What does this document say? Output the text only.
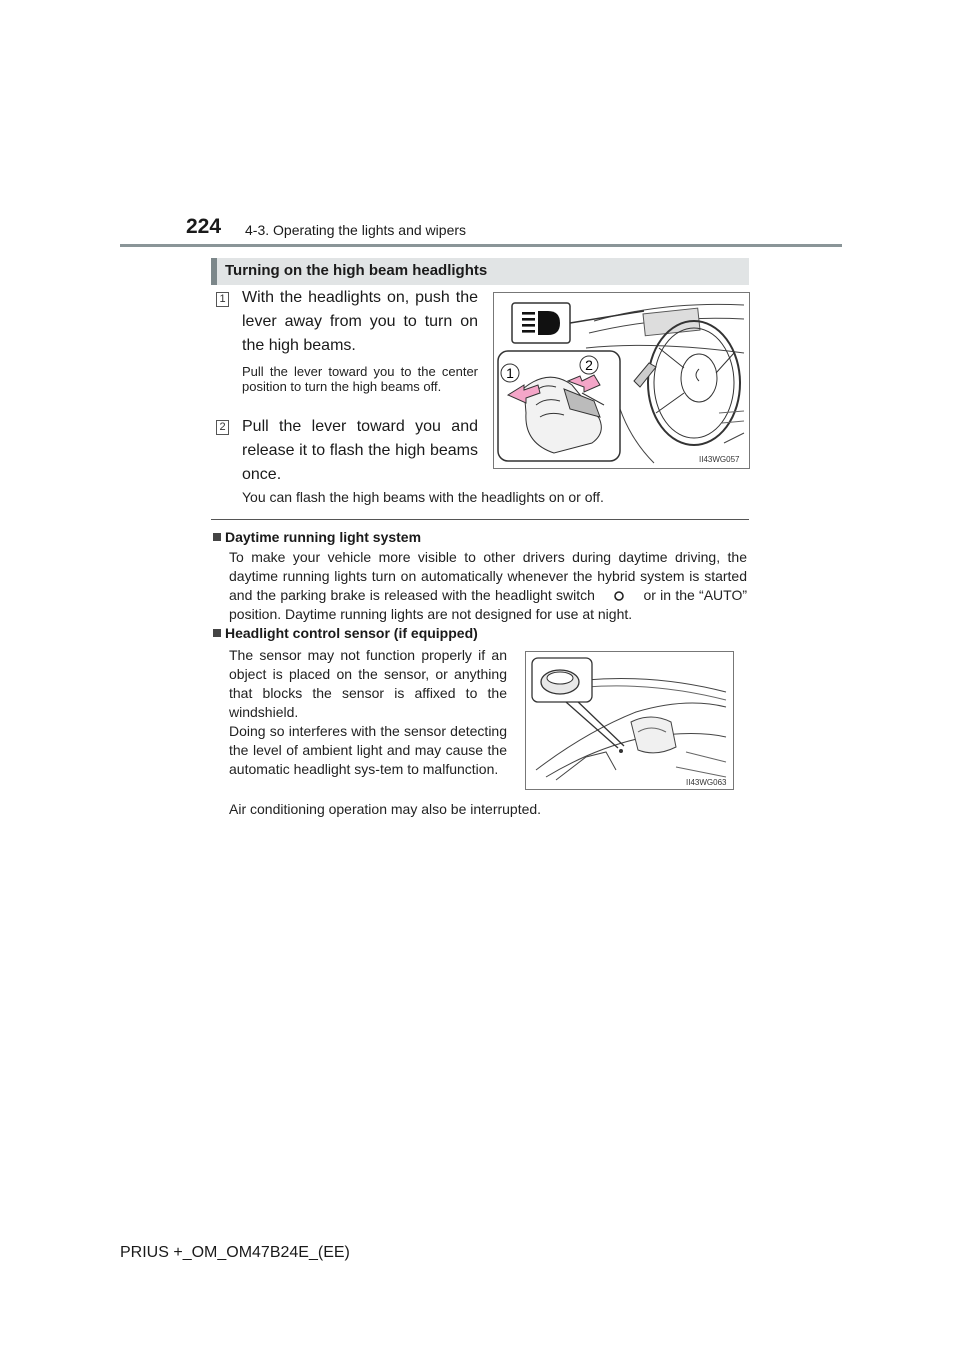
224 4-3. Operating the lights and wipers
Turning on the high beam headlights
1 With the headlights on, push the lever away from you to turn on the high beams.
Pull the lever toward you to the center position to turn the high beams off.
2 Pull the lever toward you and release it to flash the high beams once.
You can flash the high beams with the headlights on or off.
1	2
II43WG057
Daytime running light system
To make your vehicle more visible to other drivers during daytime driving, the daytime running lights turn on automatically whenever the hybrid system is started and the parking brake is released with the headlight switch	or in the “AUTO” position. Daytime running lights are not designed for use at night.
Headlight control sensor (if equipped)
The sensor may not function properly if an object is placed on the sensor, or anything that blocks the sensor is affixed to the windshield.
Doing so interferes with the sensor detecting the level of ambient light and may cause the automatic headlight sys-tem to malfunction.
Air conditioning operation may also be interrupted.
II43WG063
PRIUS +_OM_OM47B24E_(EE)
